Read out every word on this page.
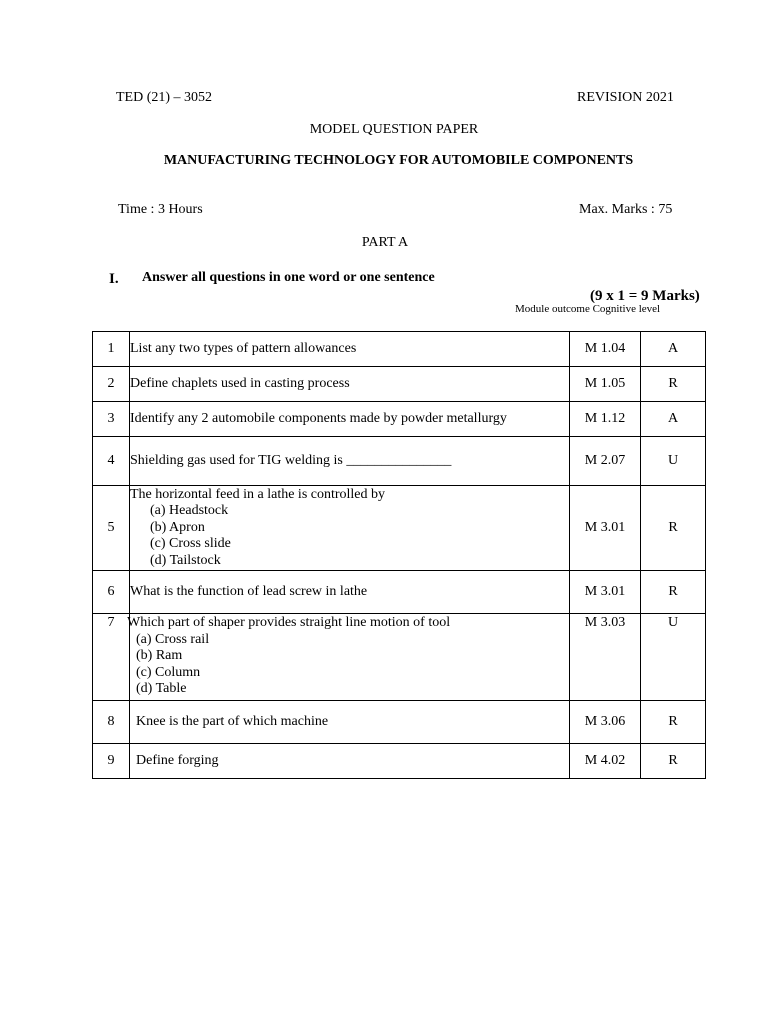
TED (21) – 3052	REVISION 2021
MODEL QUESTION PAPER
MANUFACTURING TECHNOLOGY FOR AUTOMOBILE COMPONENTS
Time : 3 Hours	Max. Marks : 75
PART A
I. Answer all questions in one word or one sentence
(9 x 1 = 9 Marks)
Module outcome Cognitive level
1	List any two types of pattern allowances	M 1.04	A
2	Define chaplets used in casting process	M 1.05	R
3	Identify any 2 automobile components made by powder metallurgy	M 1.12	A
4	Shielding gas used for TIG welding is _______________	M 2.07	U
5	The horizontal feed in a lathe is controlled by
(a) Headstock
(b) Apron
(c) Cross slide
(d) Tailstock	M 3.01	R
6	What is the function of lead screw in lathe	M 3.01	R
7	Which part of shaper provides straight line motion of tool
(a) Cross rail
(b) Ram
(c) Column
(d) Table	M 3.03	U
8	Knee is the part of which machine	M 3.06	R
9	Define forging	M 4.02	R
